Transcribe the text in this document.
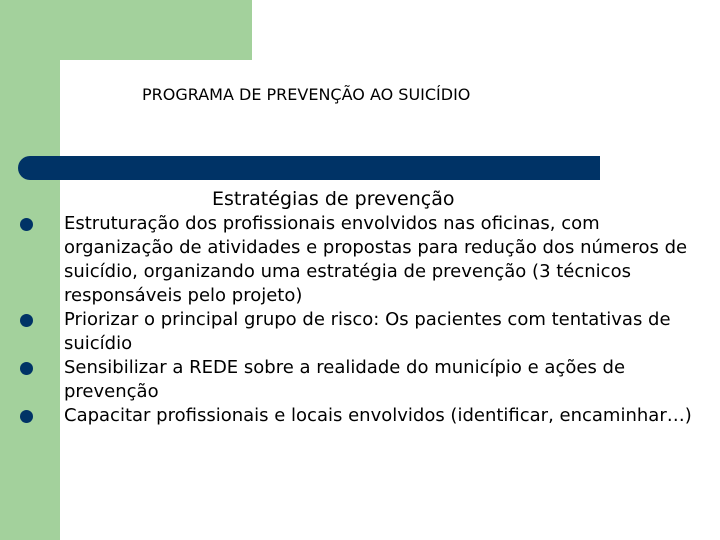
PROGRAMA DE PREVENÇÃO AO SUICÍDIO
Estratégias de prevenção
Estruturação dos profissionais envolvidos nas oficinas, com organização de atividades e propostas para redução dos números de suicídio, organizando uma estratégia de prevenção (3 técnicos responsáveis pelo projeto)
Priorizar o principal grupo de risco: Os pacientes com tentativas de suicídio
Sensibilizar a REDE sobre a realidade do município e ações de prevenção
Capacitar profissionais e locais envolvidos (identificar, encaminhar…)
